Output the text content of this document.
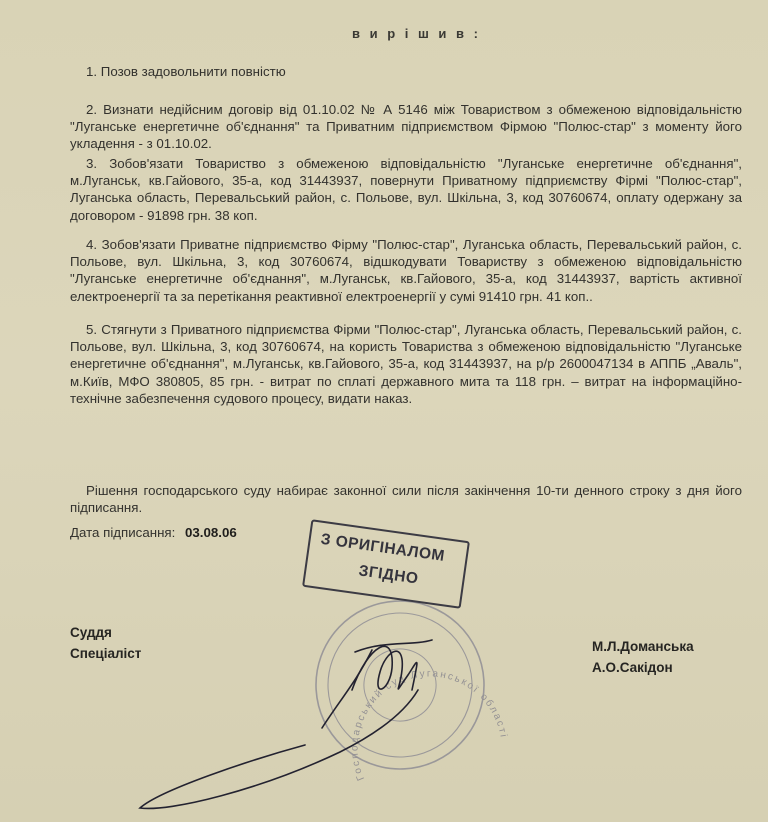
в и р і ш и в :
1. Позов задовольнити повністю
2. Визнати недійсним договір від 01.10.02 № А 5146 між Товариством з обмеженою відповідальністю "Луганське енергетичне об'єднання" та Приватним підприємством Фірмою "Полюс-стар" з моменту його укладення - з 01.10.02.
3. Зобов'язати Товариство з обмеженою відповідальністю "Луганське енергетичне об'єднання", м.Луганськ, кв.Гайового, 35-а, код 31443937, повернути Приватному підприємству Фірмі "Полюс-стар", Луганська область, Перевальський район, с. Польове, вул. Шкільна, 3, код 30760674, оплату одержану за договором - 91898 грн. 38 коп.
4. Зобов'язати Приватне підприємство Фірму "Полюс-стар", Луганська область, Перевальський район, с. Польове, вул. Шкільна, 3, код 30760674, відшкодувати Товариству з обмеженою відповідальністю "Луганське енергетичне об'єднання", м.Луганськ, кв.Гайового, 35-а, код 31443937, вартість активної електроенергії та за перетікання реактивної електроенергії у сумі 91410 грн. 41 коп..
5. Стягнути з Приватного підприємства Фірми "Полюс-стар", Луганська область, Перевальський район, с. Польове, вул. Шкільна, 3, код 30760674, на користь Товариства з обмеженою відповідальністю "Луганське енергетичне об'єднання", м.Луганськ, кв.Гайового, 35-а, код 31443937, на р/р 2600047134 в АППБ „Аваль", м.Київ, МФО 380805, 85 грн. - витрат по сплаті державного мита та 118 грн. – витрат на інформаційно-технічне забезпечення судового процесу, видати наказ.
Рішення господарського суду набирає законної сили після закінчення 10-ти денного строку з дня його підписання.
Дата підписання: 03.08.06
Господарський суд Луганської області
З ОРИГІНАЛОМ
ЗГІДНО
Суддя
Спеціаліст	М.Л.Доманська
А.О.Сакідон
